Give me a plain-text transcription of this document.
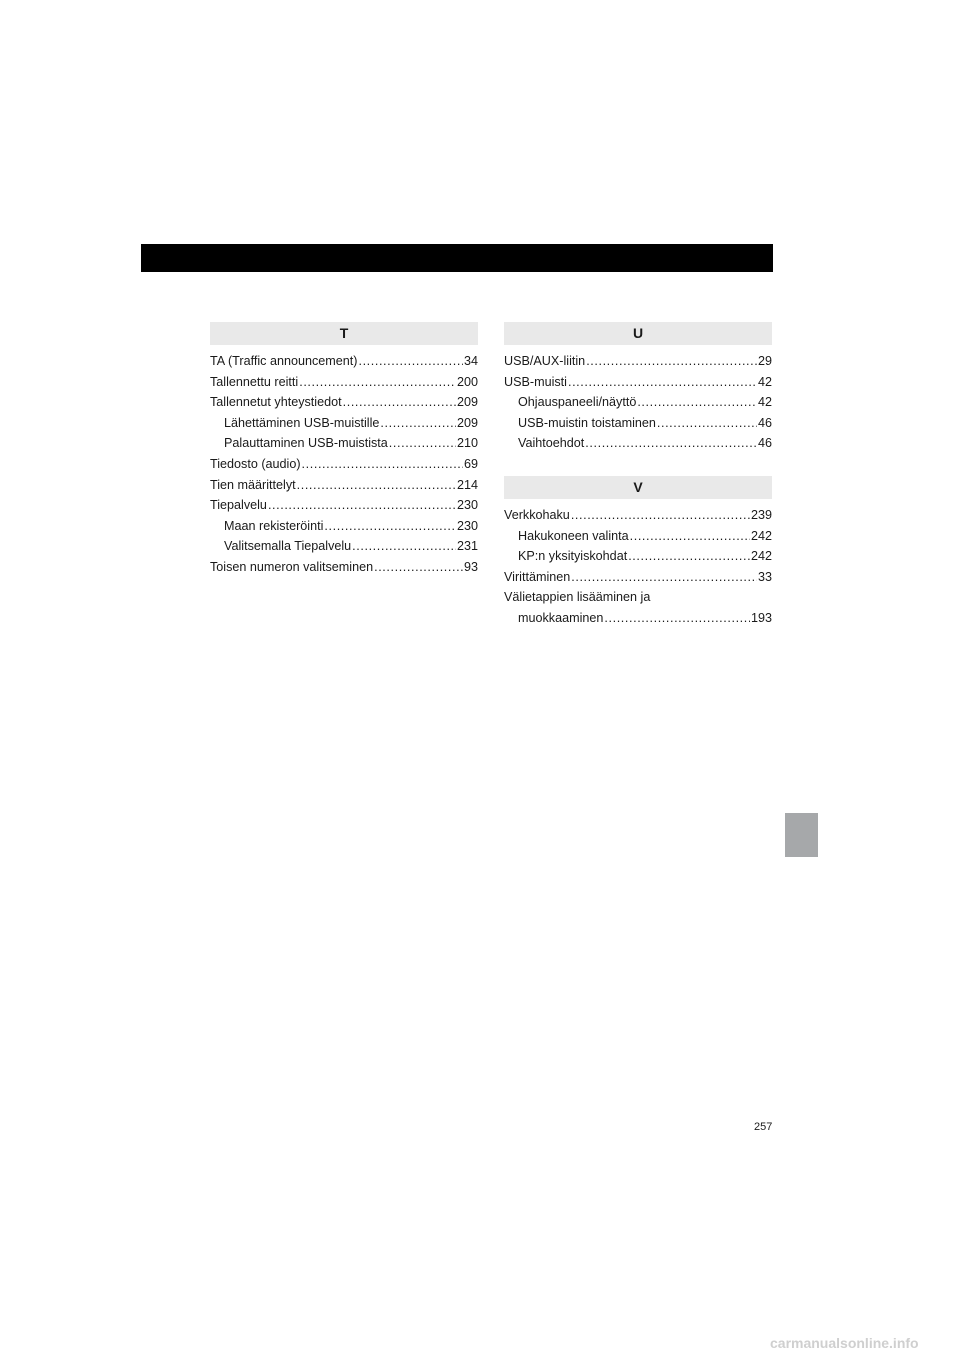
T
TA (Traffic announcement) .....	34
Tallennettu reitti .....	200
Tallennetut yhteystiedot .....	209
Lähettäminen USB-muistille .....	209
Palauttaminen USB-muistista .....	210
Tiedosto (audio) .....	69
Tien määrittelyt .....	214
Tiepalvelu .....	230
Maan rekisteröinti .....	230
Valitsemalla Tiepalvelu .....	231
Toisen numeron valitseminen .....	93
U
USB/AUX-liitin .....	29
USB-muisti .....	42
Ohjauspaneeli/näyttö .....	42
USB-muistin toistaminen .....	46
Vaihtoehdot .....	46
V
Verkkohaku .....	239
Hakukoneen valinta .....	242
KP:n yksityiskohdat .....	242
Virittäminen .....	33
Välietappien lisääminen ja
muokkaaminen .....	193
257
carmanualsonline.info
